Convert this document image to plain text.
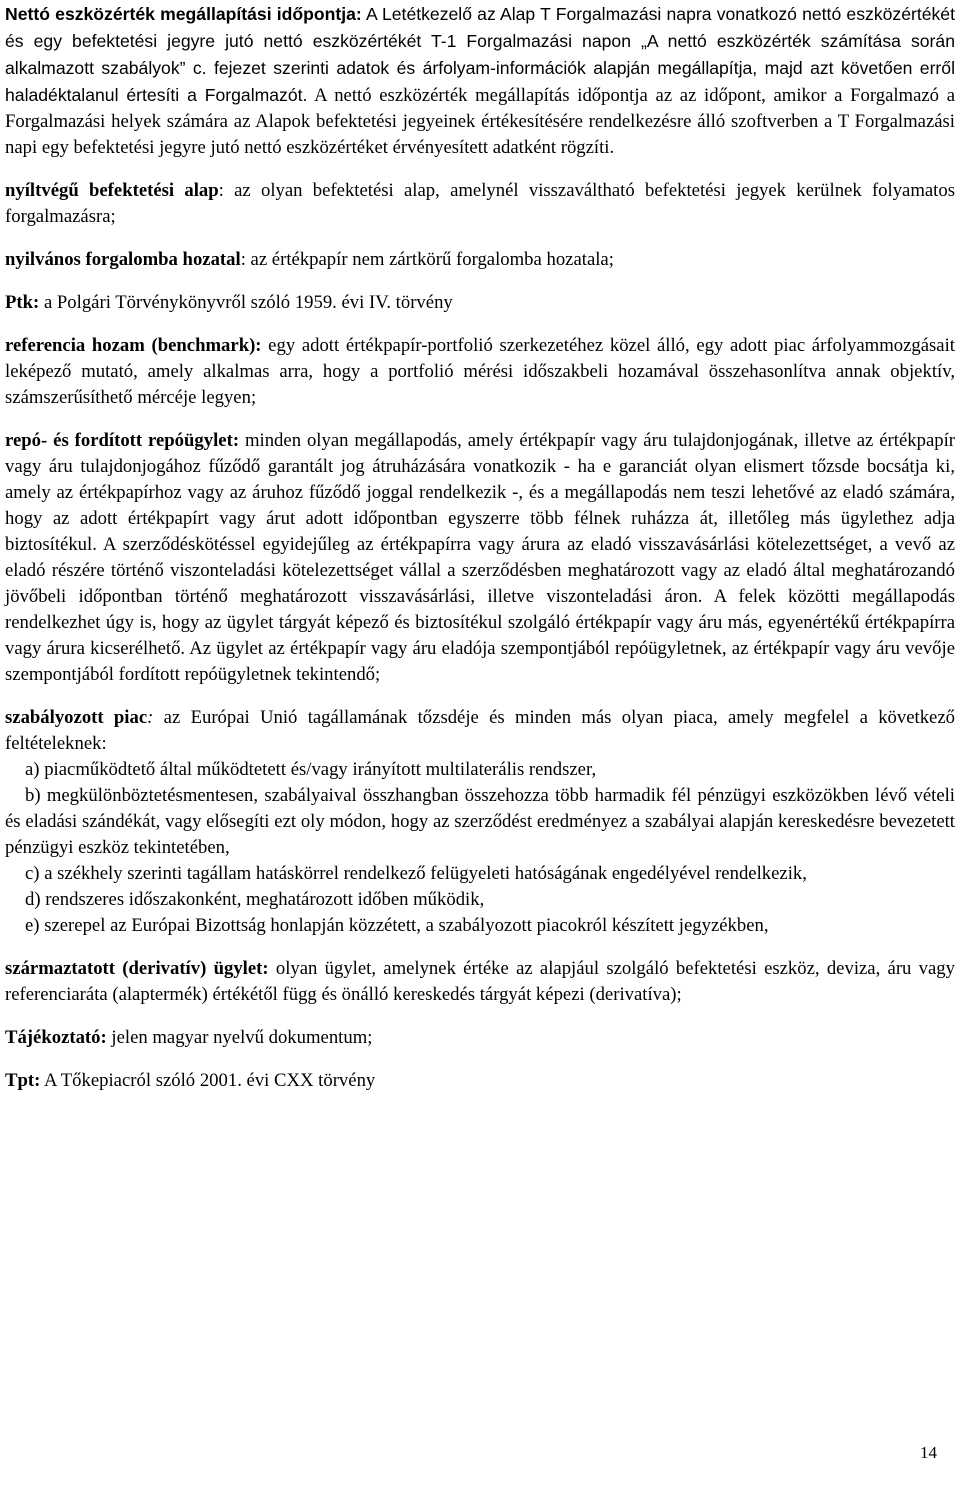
Nettó eszközérték megállapítási időpontja: A Letétkezelő az Alap T Forgalmazási napra vonatkozó nettó eszközértékét és egy befektetési jegyre jutó nettó eszközértékét T-1 Forgalmazási napon „A nettó eszközérték számítása során alkalmazott szabályok” c. fejezet szerinti adatok és árfolyam-információk alapján megállapítja, majd azt követően erről haladéktalanul értesíti a Forgalmazót. A nettó eszközérték megállapítás időpontja az az időpont, amikor a Forgalmazó a Forgalmazási helyek számára az Alapok befektetési jegyeinek értékesítésére rendelkezésre álló szoftverben a T Forgalmazási napi egy befektetési jegyre jutó nettó eszközértéket érvényesített adatként rögzíti.

nyíltvégű befektetési alap: az olyan befektetési alap, amelynél visszaváltható befektetési jegyek kerülnek folyamatos forgalmazásra;

nyilvános forgalomba hozatal: az értékpapír nem zártkörű forgalomba hozatala;

Ptk: a Polgári Törvénykönyvről szóló 1959. évi IV. törvény

referencia hozam (benchmark): egy adott értékpapír-portfolió szerkezetéhez közel álló, egy adott piac árfolyammozgásait leképező mutató, amely alkalmas arra, hogy a portfolió mérési időszakbeli hozamával összehasonlítva annak objektív, számszerűsíthető mércéje legyen;

repó- és fordított repóügylet: minden olyan megállapodás, amely értékpapír vagy áru tulajdonjogának, illetve az értékpapír vagy áru tulajdonjogához fűződő garantált jog átruházására vonatkozik - ha e garanciát olyan elismert tőzsde bocsátja ki, amely az értékpapírhoz vagy az áruhoz fűződő joggal rendelkezik -, és a megállapodás nem teszi lehetővé az eladó számára, hogy az adott értékpapírt vagy árut adott időpontban egyszerre több félnek ruházza át, illetőleg más ügylethez adja biztosítékul. A szerződéskötéssel egyidejűleg az értékpapírra vagy árura az eladó visszavásárlási kötelezettséget, a vevő az eladó részére történő viszonteladási kötelezettséget vállal a szerződésben meghatározott vagy az eladó által meghatározandó jövőbeli időpontban történő meghatározott visszavásárlási, illetve viszonteladási áron. A felek közötti megállapodás rendelkezhet úgy is, hogy az ügylet tárgyát képező és biztosítékul szolgáló értékpapír vagy áru más, egyenértékű értékpapírra vagy árura kicserélhető. Az ügylet az értékpapír vagy áru eladója szempontjából repóügyletnek, az értékpapír vagy áru vevője szempontjából fordított repóügyletnek tekintendő;

szabályozott piac: az Európai Unió tagállamának tőzsdéje és minden más olyan piaca, amely megfelel a következő feltételeknek:

a) piacműködtető által működtetett és/vagy irányított multilaterális rendszer,

b) megkülönböztetésmentesen, szabályaival összhangban összehozza több harmadik fél pénzügyi eszközökben lévő vételi és eladási szándékát, vagy elősegíti ezt oly módon, hogy az szerződést eredményez a szabályai alapján kereskedésre bevezetett pénzügyi eszköz tekintetében,

c) a székhely szerinti tagállam hatáskörrel rendelkező felügyeleti hatóságának engedélyével rendelkezik,

d) rendszeres időszakonként, meghatározott időben működik,

e) szerepel az Európai Bizottság honlapján közzétett, a szabályozott piacokról készített jegyzékben,

származtatott (derivatív) ügylet: olyan ügylet, amelynek értéke az alapjául szolgáló befektetési eszköz, deviza, áru vagy referenciaráta (alaptermék) értékétől függ és önálló kereskedés tárgyát képezi (derivatíva);

Tájékoztató: jelen magyar nyelvű dokumentum;

Tpt: A Tőkepiacról szóló 2001. évi CXX törvény

14
